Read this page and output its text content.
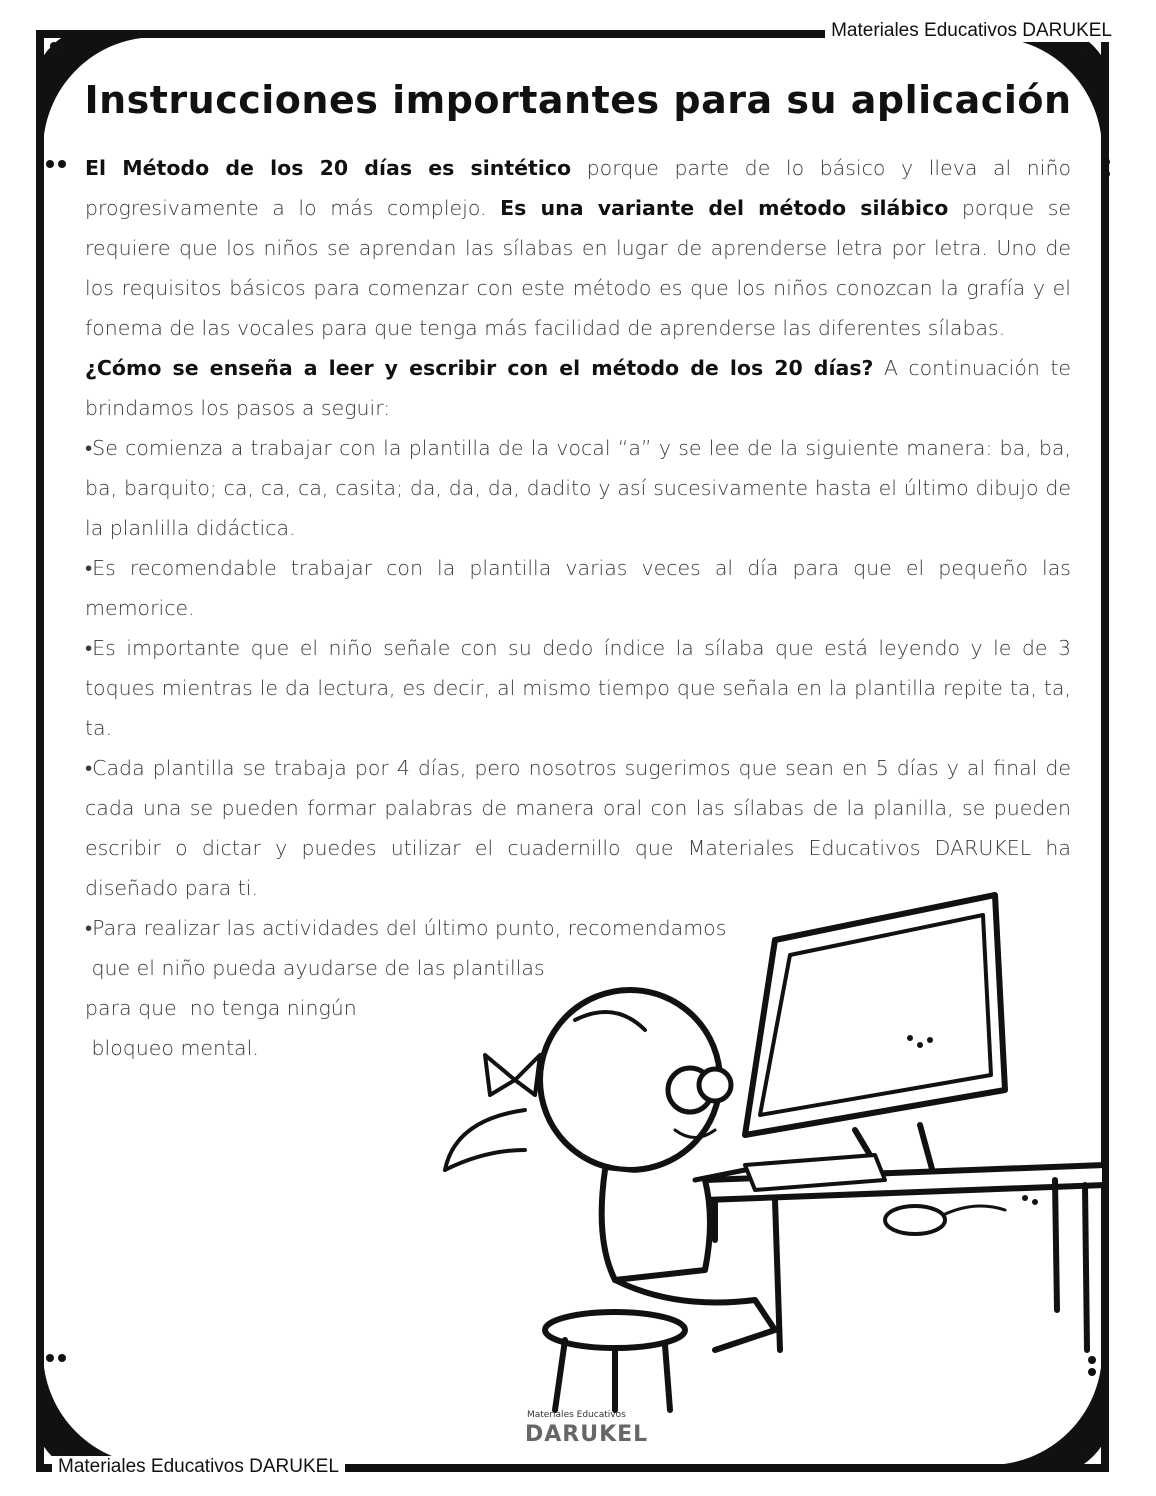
Materiales Educativos DARUKEL
Instrucciones importantes para su aplicación

El Método de los 20 días es sintético porque parte de lo básico y lleva al niño progresivamente a lo más complejo. Es una variante del método silábico porque se requiere que los niños se aprendan las sílabas en lugar de aprenderse letra por letra. Uno de los requisitos básicos para comenzar con este método es que los niños conozcan la grafía y el fonema de las vocales para que tenga más facilidad de aprenderse las diferentes sílabas.

¿Cómo se enseña a leer y escribir con el método de los 20 días? A continuación te brindamos los pasos a seguir:

•Se comienza a trabajar con la plantilla de la vocal “a” y se lee de la siguiente manera: ba, ba, ba, barquito; ca, ca, ca, casita; da, da, da, dadito y así sucesivamente hasta el último dibujo de la planlilla didáctica.

•Es recomendable trabajar con la plantilla varias veces al día para que el pequeño las memorice.

•Es importante que el niño señale con su dedo índice la sílaba que está leyendo y le de 3 toques mientras le da lectura, es decir, al mismo tiempo que señala en la plantilla repite ta, ta, ta.

•Cada plantilla se trabaja por 4 días, pero nosotros sugerimos que sean en 5 días y al final de cada una se pueden formar palabras de manera oral con las sílabas de la planilla, se pueden escribir o dictar y puedes utilizar el cuadernillo que Materiales Educativos DARUKEL ha diseñado para ti.

•Para realizar las actividades del último punto, recomendamos

que el niño pueda ayudarse de las plantillas

para que  no tenga ningún

bloqueo mental.

Materiales Educativos
DARUKEL
Materiales Educativos DARUKEL
